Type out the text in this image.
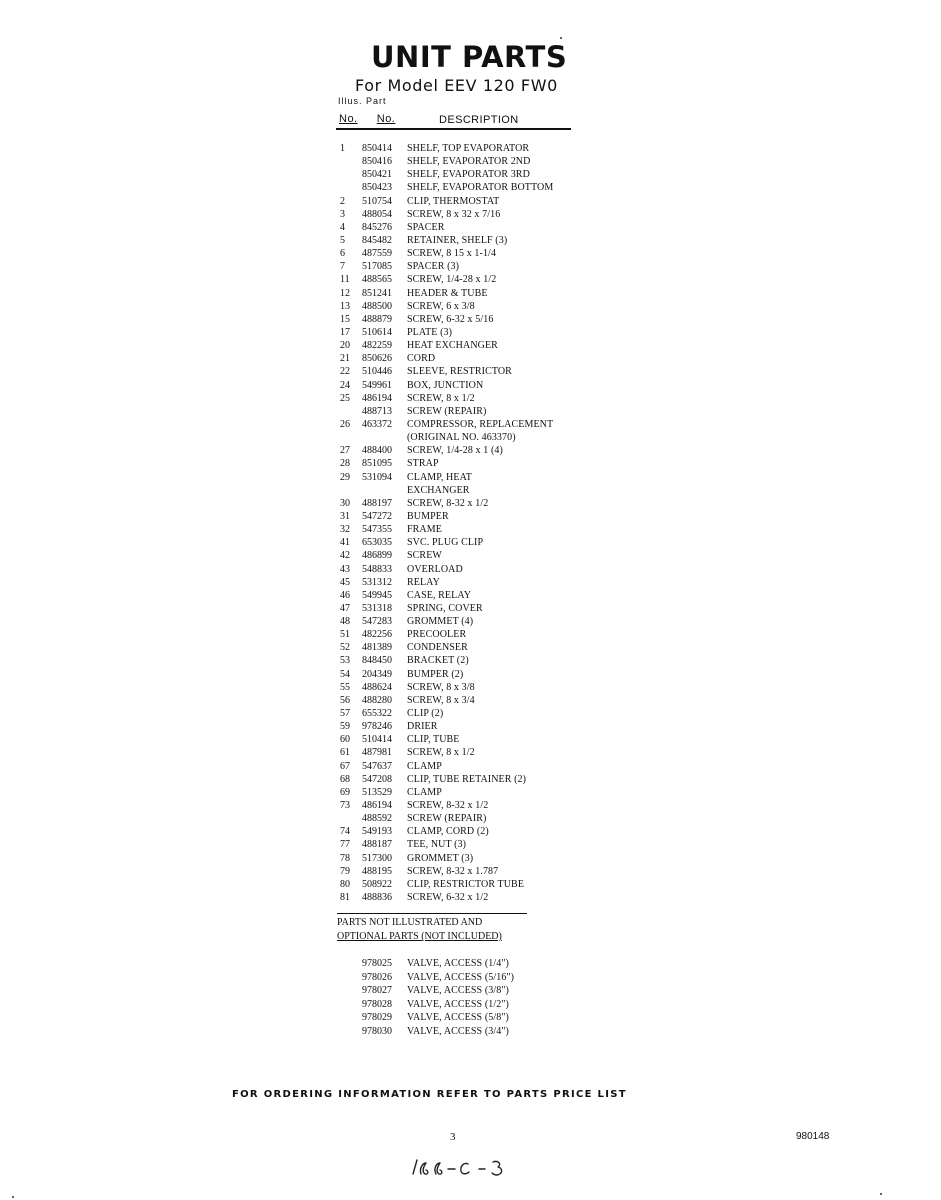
UNIT PARTS
For Model EEV 120 FW0
Illus. Part
No. No.	DESCRIPTION
1	850414	SHELF, TOP EVAPORATOR
850416	SHELF, EVAPORATOR 2ND
850421	SHELF, EVAPORATOR 3RD
850423	SHELF, EVAPORATOR BOTTOM
2	510754	CLIP, THERMOSTAT
3	488054	SCREW, 8 x 32 x 7/16
4	845276	SPACER
5	845482	RETAINER, SHELF (3)
6	487559	SCREW, 8 15 x 1-1/4
7	517085	SPACER (3)
11	488565	SCREW, 1/4-28 x 1/2
12	851241	HEADER & TUBE
13	488500	SCREW, 6 x 3/8
15	488879	SCREW, 6-32 x 5/16
17	510614	PLATE (3)
20	482259	HEAT EXCHANGER
21	850626	CORD
22	510446	SLEEVE, RESTRICTOR
24	549961	BOX, JUNCTION
25	486194	SCREW, 8 x 1/2
488713	SCREW (REPAIR)
26	463372	COMPRESSOR, REPLACEMENT
(ORIGINAL NO. 463370)
27	488400	SCREW, 1/4-28 x 1 (4)
28	851095	STRAP
29	531094	CLAMP, HEAT
EXCHANGER
30	488197	SCREW, 8-32 x 1/2
31	547272	BUMPER
32	547355	FRAME
41	653035	SVC. PLUG CLIP
42	486899	SCREW
43	548833	OVERLOAD
45	531312	RELAY
46	549945	CASE, RELAY
47	531318	SPRING, COVER
48	547283	GROMMET (4)
51	482256	PRECOOLER
52	481389	CONDENSER
53	848450	BRACKET (2)
54	204349	BUMPER (2)
55	488624	SCREW, 8 x 3/8
56	488280	SCREW, 8 x 3/4
57	655322	CLIP (2)
59	978246	DRIER
60	510414	CLIP, TUBE
61	487981	SCREW, 8 x 1/2
67	547637	CLAMP
68	547208	CLIP, TUBE RETAINER (2)
69	513529	CLAMP
73	486194	SCREW, 8-32 x 1/2
488592	SCREW (REPAIR)
74	549193	CLAMP, CORD (2)
77	488187	TEE, NUT (3)
78	517300	GROMMET (3)
79	488195	SCREW, 8-32 x 1.787
80	508922	CLIP, RESTRICTOR TUBE
81	488836	SCREW, 6-32 x 1/2
PARTS NOT ILLUSTRATED AND
OPTIONAL PARTS (NOT INCLUDED)
978025	VALVE, ACCESS (1/4")
978026	VALVE, ACCESS (5/16")
978027	VALVE, ACCESS (3/8")
978028	VALVE, ACCESS (1/2")
978029	VALVE, ACCESS (5/8")
978030	VALVE, ACCESS (3/4")
FOR ORDERING INFORMATION REFER TO PARTS PRICE LIST
3	980148
